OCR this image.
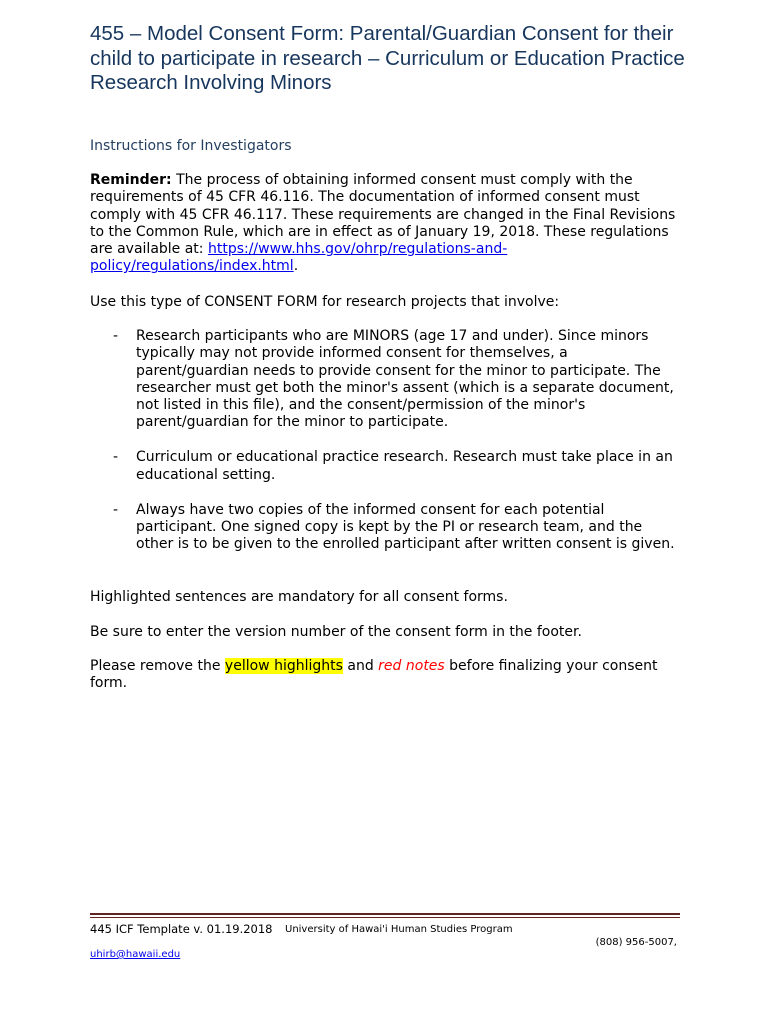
455 – Model Consent Form: Parental/Guardian Consent for their child to participate in research – Curriculum or Education Practice Research Involving Minors
Instructions for Investigators

Reminder: The process of obtaining informed consent must comply with the requirements of 45 CFR 46.116. The documentation of informed consent must comply with 45 CFR 46.117. These requirements are changed in the Final Revisions to the Common Rule, which are in effect as of January 19, 2018. These regulations are available at: https://www.hhs.gov/ohrp/regulations-and-policy/regulations/index.html.

Use this type of CONSENT FORM for research projects that involve:

- Research participants who are MINORS (age 17 and under). Since minors typically may not provide informed consent for themselves, a parent/guardian needs to provide consent for the minor to participate. The researcher must get both the minor's assent (which is a separate document, not listed in this file), and the consent/permission of the minor's parent/guardian for the minor to participate.
- Curriculum or educational practice research. Research must take place in an educational setting.
- Always have two copies of the informed consent for each potential participant. One signed copy is kept by the PI or research team, and the other is to be given to the enrolled participant after written consent is given.

Highlighted sentences are mandatory for all consent forms.

Be sure to enter the version number of the consent form in the footer.

Please remove the yellow highlights and red notes before finalizing your consent form.

445 ICF Template v. 01.19.2018 University of Hawai'i Human Studies Program
(808) 956-5007,
uhirb@hawaii.edu
